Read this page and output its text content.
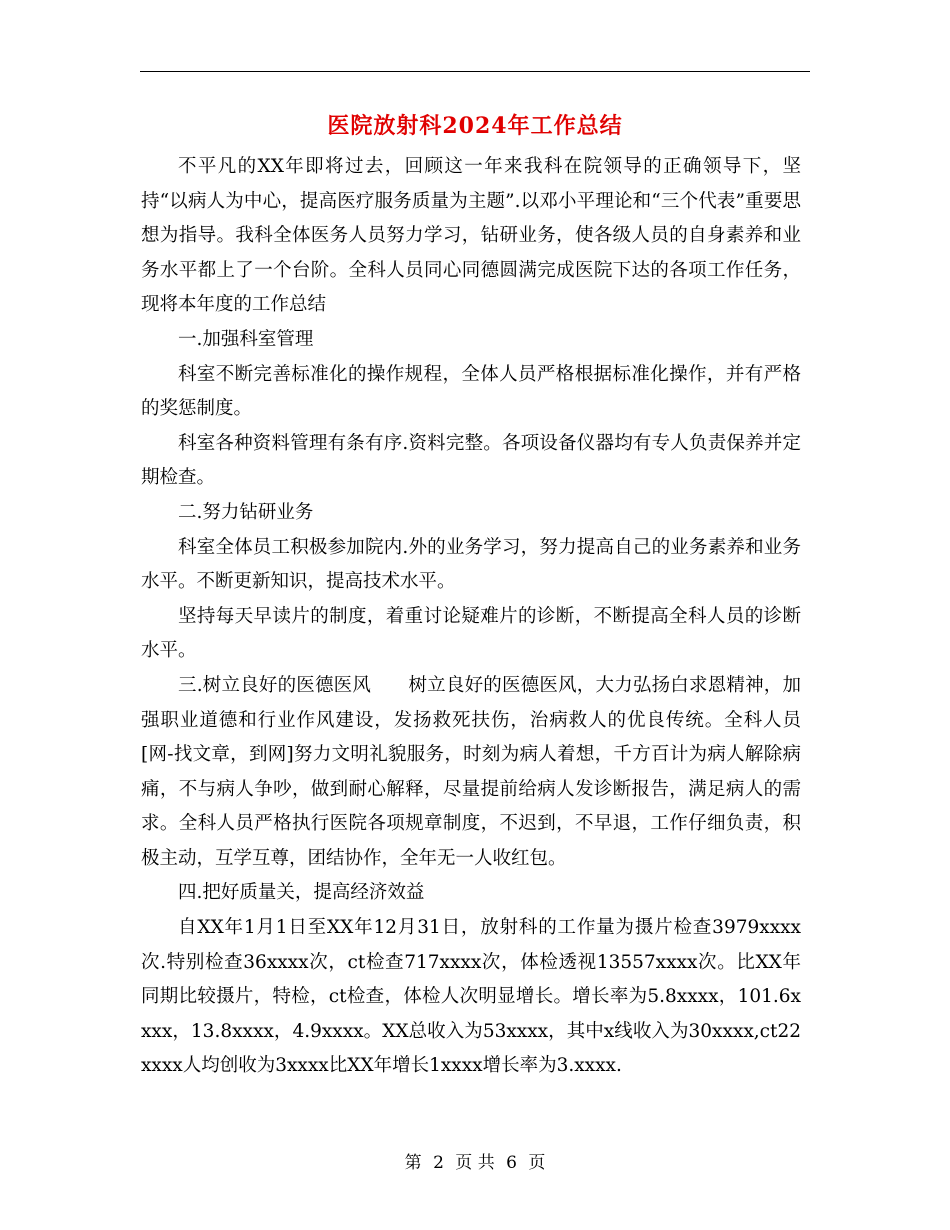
医院放射科2024年工作总结

不平凡的XX年即将过去，回顾这一年来我科在院领导的正确领导下，坚持“以病人为中心，提高医疗服务质量为主题”.以邓小平理论和“三个代表”重要思想为指导。我科全体医务人员努力学习，钻研业务，使各级人员的自身素养和业务水平都上了一个台阶。全科人员同心同德圆满完成医院下达的各项工作任务，现将本年度的工作总结

一.加强科室管理

科室不断完善标准化的操作规程，全体人员严格根据标准化操作，并有严格的奖惩制度。

科室各种资料管理有条有序.资料完整。各项设备仪器均有专人负责保养并定期检查。

二.努力钻研业务

科室全体员工积极参加院内.外的业务学习，努力提高自己的业务素养和业务水平。不断更新知识，提高技术水平。

坚持每天早读片的制度，着重讨论疑难片的诊断，不断提高全科人员的诊断水平。

三.树立良好的医德医风　　树立良好的医德医风，大力弘扬白求恩精神，加强职业道德和行业作风建设，发扬救死扶伤，治病救人的优良传统。全科人员[网-找文章，到网]努力文明礼貌服务，时刻为病人着想，千方百计为病人解除病痛，不与病人争吵，做到耐心解释，尽量提前给病人发诊断报告，满足病人的需求。全科人员严格执行医院各项规章制度，不迟到，不早退，工作仔细负责，积极主动，互学互尊，团结协作，全年无一人收红包。

四.把好质量关，提高经济效益

自XX年1月1日至XX年12月31日，放射科的工作量为摄片检查3979xxxx次.特别检查36xxxx次，ct检查717xxxx次，体检透视13557xxxx次。比XX年同期比较摄片，特检，ct检查，体检人次明显增长。增长率为5.8xxxx，101.6xxxx，13.8xxxx，4.9xxxx。XX总收入为53xxxx，其中x线收入为30xxxx,ct22xxxx人均创收为3xxxx比XX年增长1xxxx增长率为3.xxxx.

第 2 页 共 6 页
